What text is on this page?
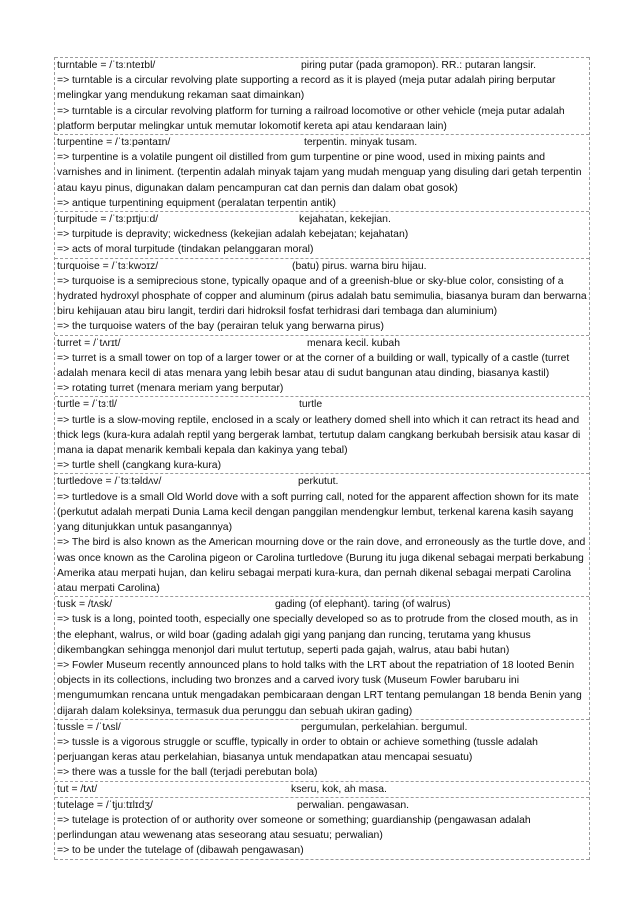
turntable = /ˈtɜːnteɪbl/	piring putar (pada gramopon). RR.: putaran langsir.
=> turntable is a circular revolving plate supporting a record as it is played (meja putar adalah piring berputar melingkar yang mendukung rekaman saat dimainkan)
=> turntable is a circular revolving platform for turning a railroad locomotive or other vehicle (meja putar adalah platform berputar melingkar untuk memutar lokomotif kereta api atau kendaraan lain)
turpentine = /ˈtɜːpəntaɪn/	terpentin. minyak tusam.
=> turpentine is a volatile pungent oil distilled from gum turpentine or pine wood, used in mixing paints and varnishes and in liniment. (terpentin adalah minyak tajam yang mudah menguap yang disuling dari getah terpentin atau kayu pinus, digunakan dalam pencampuran cat dan pernis dan dalam obat gosok)
=> antique turpentining equipment (peralatan terpentin antik)
turpitude = /ˈtɜːpɪtjuːd/	kejahatan, kekejian.
=> turpitude is depravity; wickedness (kekejian adalah kebejatan; kejahatan)
=> acts of moral turpitude (tindakan pelanggaran moral)
turquoise = /ˈtɜːkwɔɪz/	(batu) pirus. warna biru hijau.
=> turquoise is a semiprecious stone, typically opaque and of a greenish-blue or sky-blue color, consisting of a hydrated hydroxyl phosphate of copper and aluminum (pirus adalah batu semimulia, biasanya buram dan berwarna biru kehijauan atau biru langit, terdiri dari hidroksil fosfat terhidrasi dari tembaga dan aluminium)
=> the turquoise waters of the bay (perairan teluk yang berwarna pirus)
turret = /ˈtʌrɪt/	menara kecil. kubah
=> turret is a small tower on top of a larger tower or at the corner of a building or wall, typically of a castle (turret adalah menara kecil di atas menara yang lebih besar atau di sudut bangunan atau dinding, biasanya kastil)
=> rotating turret (menara meriam yang berputar)
turtle = /ˈtɜːtl/	turtle
=> turtle is a slow-moving reptile, enclosed in a scaly or leathery domed shell into which it can retract its head and thick legs (kura-kura adalah reptil yang bergerak lambat, tertutup dalam cangkang berkubah bersisik atau kasar di mana ia dapat menarik kembali kepala dan kakinya yang tebal)
=> turtle shell (cangkang kura-kura)
turtledove = /ˈtɜːtəldʌv/	perkutut.
=> turtledove is a small Old World dove with a soft purring call, noted for the apparent affection shown for its mate (perkutut adalah merpati Dunia Lama kecil dengan panggilan mendengkur lembut, terkenal karena kasih sayang yang ditunjukkan untuk pasangannya)
=> The bird is also known as the American mourning dove or the rain dove, and erroneously as the turtle dove, and was once known as the Carolina pigeon or Carolina turtledove (Burung itu juga dikenal sebagai merpati berkabung Amerika atau merpati hujan, dan keliru sebagai merpati kura-kura, dan pernah dikenal sebagai merpati Carolina atau merpati Carolina)
tusk = /tʌsk/	gading (of elephant). taring (of walrus)
=> tusk is a long, pointed tooth, especially one specially developed so as to protrude from the closed mouth, as in the elephant, walrus, or wild boar (gading adalah gigi yang panjang dan runcing, terutama yang khusus dikembangkan sehingga menonjol dari mulut tertutup, seperti pada gajah, walrus, atau babi hutan)
=> Fowler Museum recently announced plans to hold talks with the LRT about the repatriation of 18 looted Benin objects in its collections, including two bronzes and a carved ivory tusk (Museum Fowler barubaru ini mengumumkan rencana untuk mengadakan pembicaraan dengan LRT tentang pemulangan 18 benda Benin yang dijarah dalam koleksinya, termasuk dua perunggu dan sebuah ukiran gading)
tussle = /ˈtʌsl/	pergumulan, perkelahian. bergumul.
=> tussle is a vigorous struggle or scuffle, typically in order to obtain or achieve something (tussle adalah perjuangan keras atau perkelahian, biasanya untuk mendapatkan atau mencapai sesuatu)
=> there was a tussle for the ball (terjadi perebutan bola)
tut = /tʌt/	kseru, kok, ah masa.
tutelage = /ˈtjuːtɪlɪdʒ/	perwalian. pengawasan.
=> tutelage is protection of or authority over someone or something; guardianship (pengawasan adalah perlindungan atau wewenang atas seseorang atau sesuatu; perwalian)
=> to be under the tutelage of (dibawah pengawasan)
